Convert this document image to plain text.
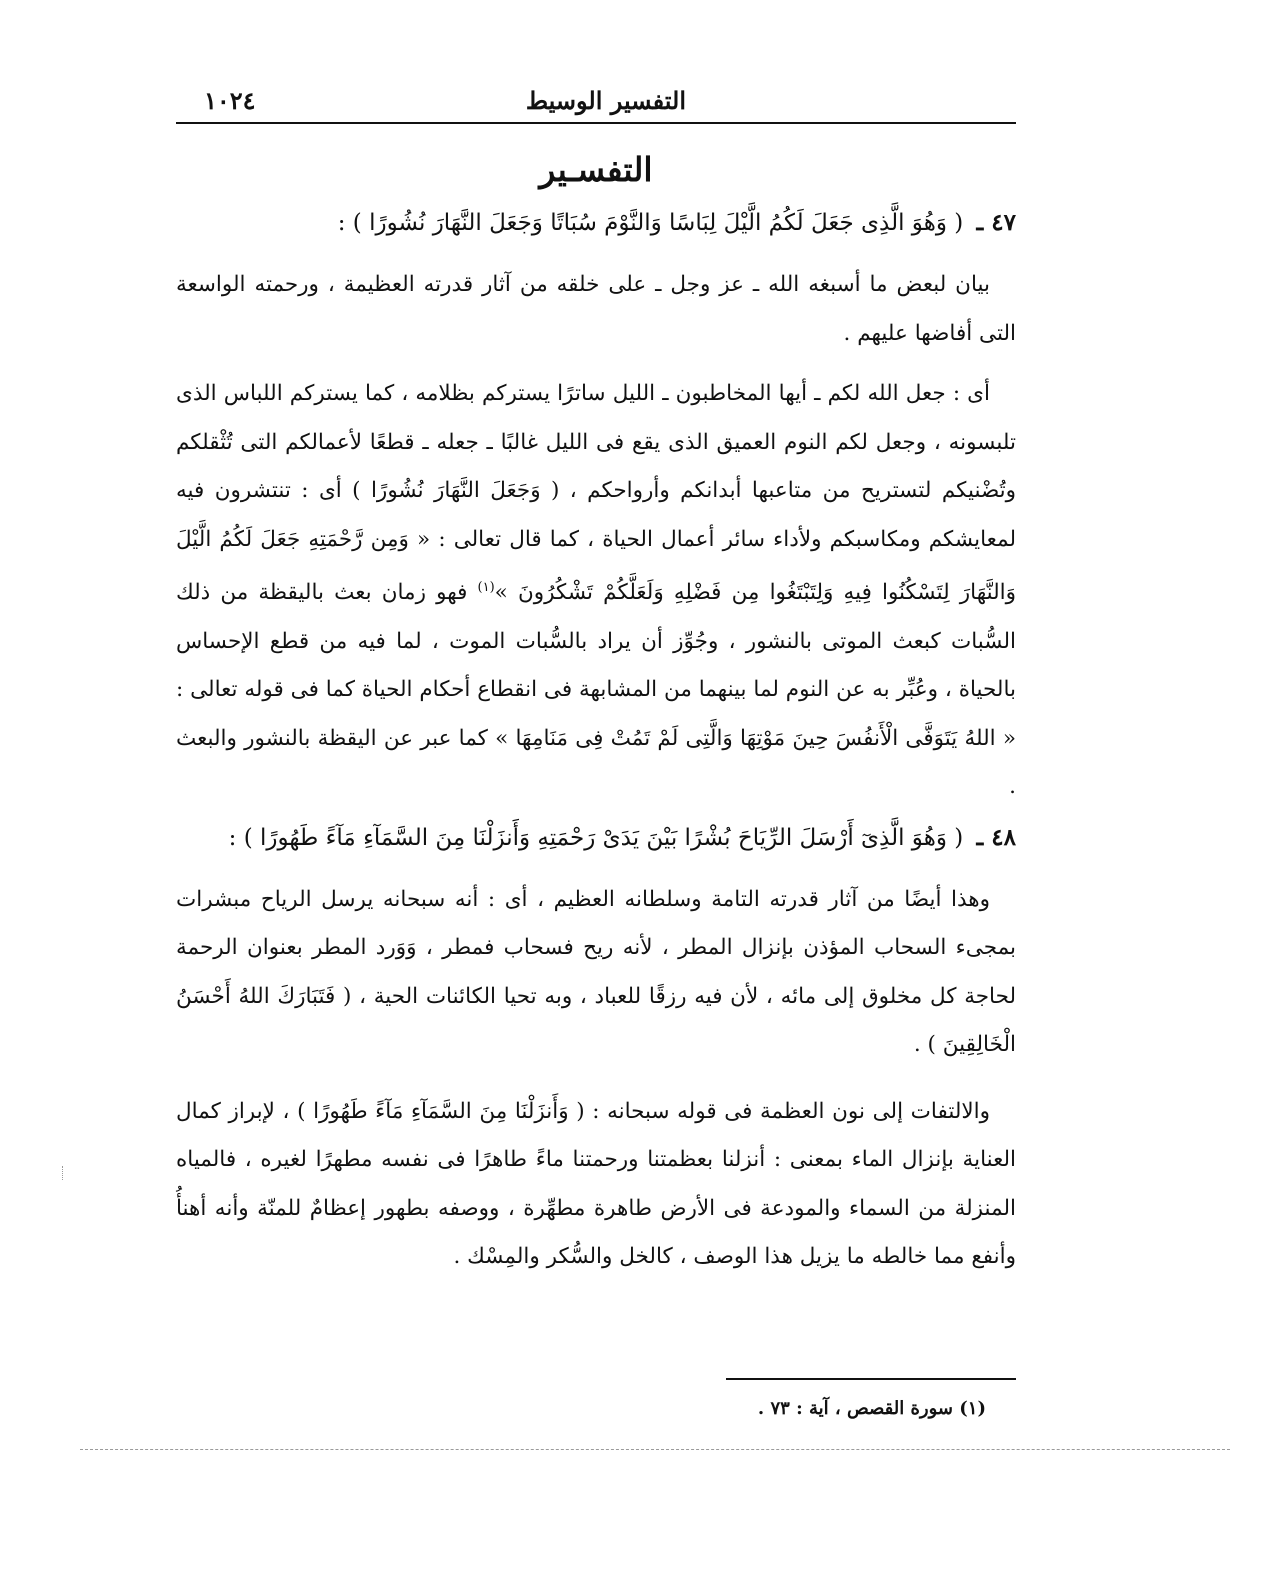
التفسير الوسيط
١٠٢٤
التفسـير
٤٧ ـ ( وَهُوَ الَّذِى جَعَلَ لَكُمُ الَّيْلَ لِبَاسًا وَالنَّوْمَ سُبَاتًا وَجَعَلَ النَّهَارَ نُشُورًا ) :

بيان لبعض ما أسبغه الله ـ عز وجل ـ على خلقه من آثار قدرته العظيمة ، ورحمته الواسعة التى أفاضها عليهم .

أى : جعل الله لكم ـ أيها المخاطبون ـ الليل ساترًا يستركم بظلامه ، كما يستركم اللباس الذى تلبسونه ، وجعل لكم النوم العميق الذى يقع فى الليل غالبًا ـ جعله ـ قطعًا لأعمالكم التى تُثْقلكم وتُضْنيكم لتستريح من متاعبها أبدانكم وأرواحكم ، ( وَجَعَلَ النَّهَارَ نُشُورًا ) أى : تنتشرون فيه لمعايشكم ومكاسبكم ولأداء سائر أعمال الحياة ، كما قال تعالى : « وَمِن رَّحْمَتِهِ جَعَلَ لَكُمُ الَّيْلَ وَالنَّهَارَ لِتَسْكُنُوا فِيهِ وَلِتَبْتَغُوا مِن فَضْلِهِ وَلَعَلَّكُمْ تَشْكُرُونَ »$^{(١)}$ فهو زمان بعث باليقظة من ذلك السُّبات كبعث الموتى بالنشور ، وجُوِّز أن يراد بالسُّبات الموت ، لما فيه من قطع الإحساس بالحياة ، وعُبِّر به عن النوم لما بينهما من المشابهة فى انقطاع أحكام الحياة كما فى قوله تعالى : « اللهُ يَتَوَفَّى الْأَنفُسَ حِينَ مَوْتِهَا وَالَّتِى لَمْ تَمُتْ فِى مَنَامِهَا » كما عبر عن اليقظة بالنشور والبعث .

٤٨ ـ ( وَهُوَ الَّذِىٓ أَرْسَلَ الرِّيَاحَ بُشْرًا بَيْنَ يَدَىْ رَحْمَتِهِ وَأَنزَلْنَا مِنَ السَّمَآءِ مَآءً طَهُورًا ) :

وهذا أيضًا من آثار قدرته التامة وسلطانه العظيم ، أى : أنه سبحانه يرسل الرياح مبشرات بمجىء السحاب المؤذن بإنزال المطر ، لأنه ريح فسحاب فمطر ، وَوَرد المطر بعنوان الرحمة لحاجة كل مخلوق إلى مائه ، لأن فيه رزقًا للعباد ، وبه تحيا الكائنات الحية ، ( فَتَبَارَكَ اللهُ أَحْسَنُ الْخَالِقِينَ ) .

والالتفات إلى نون العظمة فى قوله سبحانه : ( وَأَنزَلْنَا مِنَ السَّمَآءِ مَآءً طَهُورًا ) ، لإبراز كمال العناية بإنزال الماء بمعنى : أنزلنا بعظمتنا ورحمتنا ماءً طاهرًا فى نفسه مطهرًا لغيره ، فالمياه المنزلة من السماء والمودعة فى الأرض طاهرة مطهِّرة ، ووصفه بطهور إعظامٌ للمنّة وأنه أهنأُ وأنفع مما خالطه ما يزيل هذا الوصف ، كالخل والسُّكر والمِسْك .

(١) سورة القصص ، آية : ٧٣ .
